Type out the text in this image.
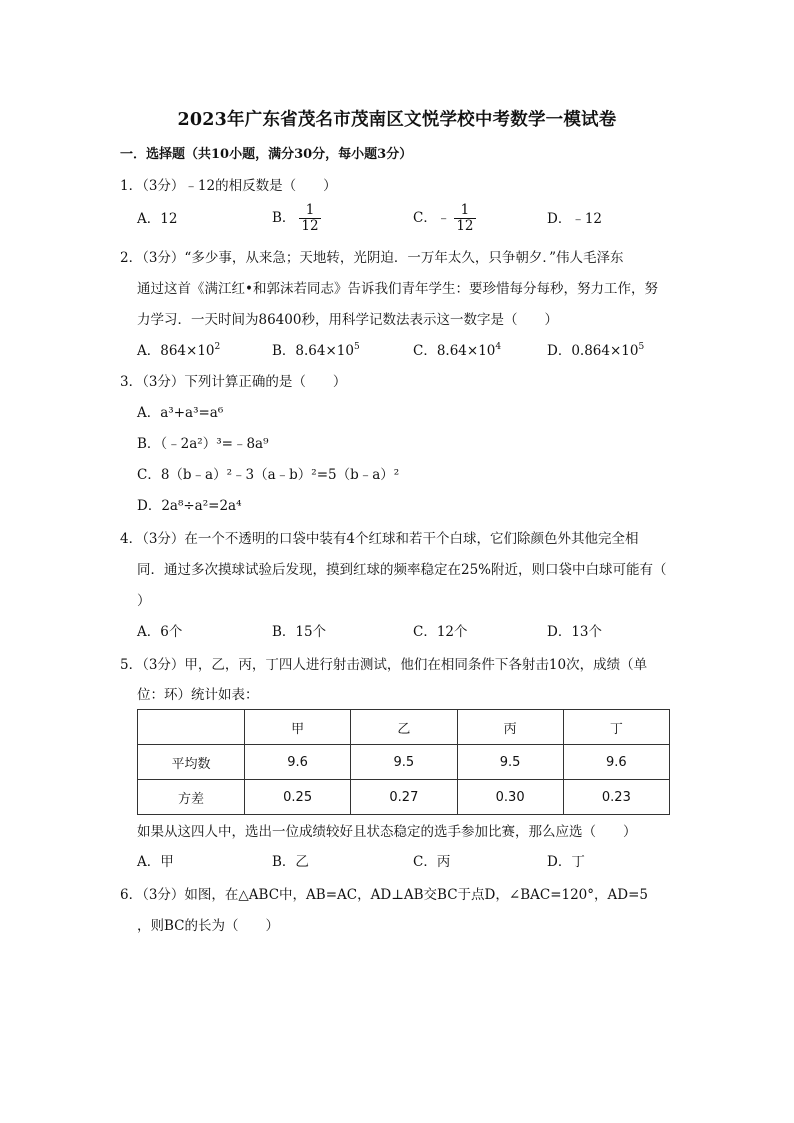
2023年广东省茂名市茂南区文悦学校中考数学一模试卷
一．选择题（共10小题，满分30分，每小题3分）
1．（3分）﹣12的相反数是（　　）
A．12	B． $\frac{1}{12}$	C．﹣ $\frac{1}{12}$	D．﹣12
2．（3分）“多少事，从来急；天地转，光阴迫．一万年太久，只争朝夕．”伟人毛泽东
通过这首《满江红•和郭沫若同志》告诉我们青年学生：要珍惜每分每秒，努力工作，努
力学习．一天时间为86400秒，用科学记数法表示这一数字是（　　）
A．$864\times 10^2$	B．$8.64\times 10^5$	C．$8.64\times 10^4$	D．$0.864\times 10^5$
3．（3分）下列计算正确的是（　　）
A．a³+a³=a⁶
B．（﹣2a²）³=﹣8a⁹
C．8（b﹣a）²﹣3（a﹣b）²=5（b﹣a）²
D．2a⁸÷a²=2a⁴
4．（3分）在一个不透明的口袋中装有4个红球和若干个白球，它们除颜色外其他完全相
同．通过多次摸球试验后发现，摸到红球的频率稳定在25%附近，则口袋中白球可能有（
）
A．6个	B．15个	C．12个	D．13个
5．（3分）甲，乙，丙，丁四人进行射击测试，他们在相同条件下各射击10次，成绩（单
位：环）统计如表：
	甲	乙	丙	丁
平均数	9.6	9.5	9.5	9.6
方差	0.25	0.27	0.30	0.23
如果从这四人中，选出一位成绩较好且状态稳定的选手参加比赛，那么应选（　　）
A．甲	B．乙	C．丙	D．丁
6．（3分）如图，在△ABC中，AB=AC，AD⊥AB交BC于点D，∠BAC=120°，AD=5
，则BC的长为（　　）
